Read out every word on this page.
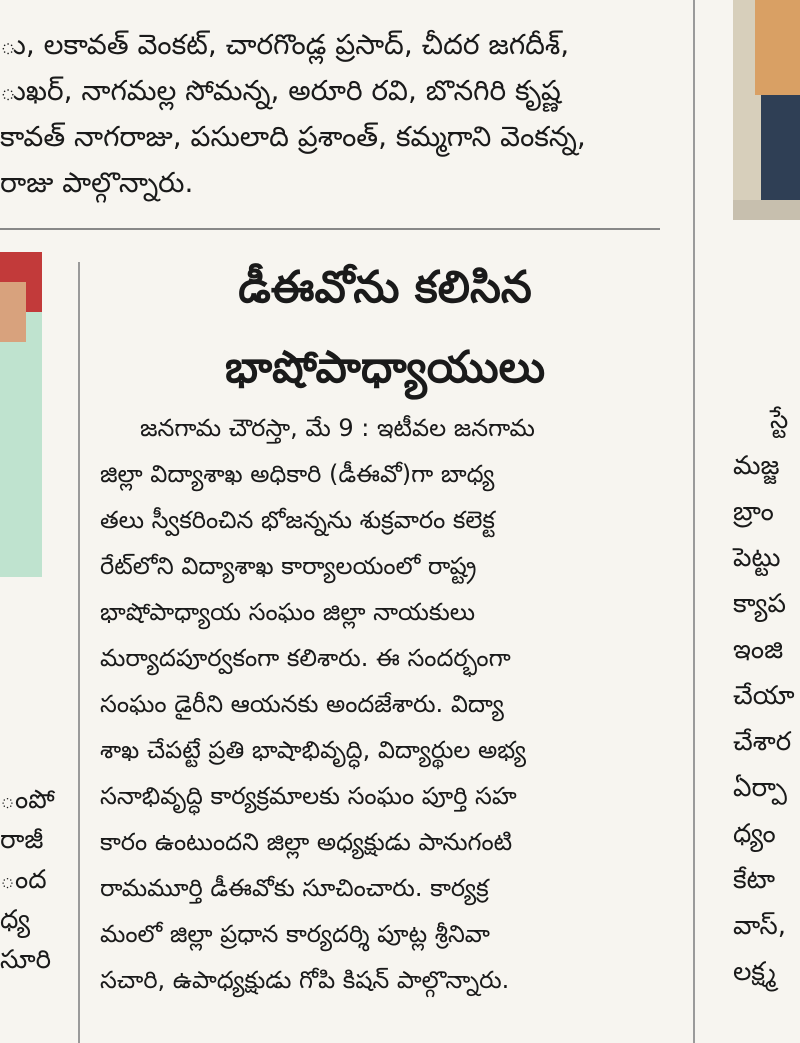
ు, లకావత్ వెంకట్, చారగొండ్ల ప్రసాద్, చీదర జగదీశ్,
ుఖర్, నాగమల్ల సోమన్న, అరూరి రవి, బొనగిరి కృష్ణ
కావత్ నాగరాజు, పసులాది ప్రశాంత్, కమ్మగాని వెంకన్న,
రాజు పాల్గొన్నారు.
ంపో
రాజీ
ంద
ధ్య
సూరి
డీఈవోను కలిసిన
భాషోపాధ్యాయులు
జనగామ చౌరస్తా, మే 9 : ఇటీవల జనగామ
జిల్లా విద్యాశాఖ అధికారి (డీఈవో)గా బాధ్య
తలు స్వీకరించిన భోజన్నను శుక్రవారం కలెక్ట
రేట్‌లోని విద్యాశాఖ కార్యాలయంలో రాష్ట్ర
భాషోపాధ్యాయ సంఘం జిల్లా నాయకులు
మర్యాదపూర్వకంగా కలిశారు. ఈ సందర్భంగా
సంఘం డైరీని ఆయనకు అందజేశారు. విద్యా
శాఖ చేపట్టే ప్రతి భాషాభివృద్ధి, విద్యార్థుల అభ్య
సనాభివృద్ధి కార్యక్రమాలకు సంఘం పూర్తి సహ
కారం ఉంటుందని జిల్లా అధ్యక్షుడు పానుగంటి
రామమూర్తి డీఈవోకు సూచించారు. కార్యక్ర
మంలో జిల్లా ప్రధాన కార్యదర్శి పూట్ల శ్రీనివా
సచారి, ఉపాధ్యక్షుడు గోపి కిషన్ పాల్గొన్నారు.
స్టే
మజ్జ
బ్రాం
పెట్టు
క్యాప
ఇంజి
చేయా
చేశార
ఏర్పా
ధ్యం
కేటా
వాస్,
లక్ష్మ
